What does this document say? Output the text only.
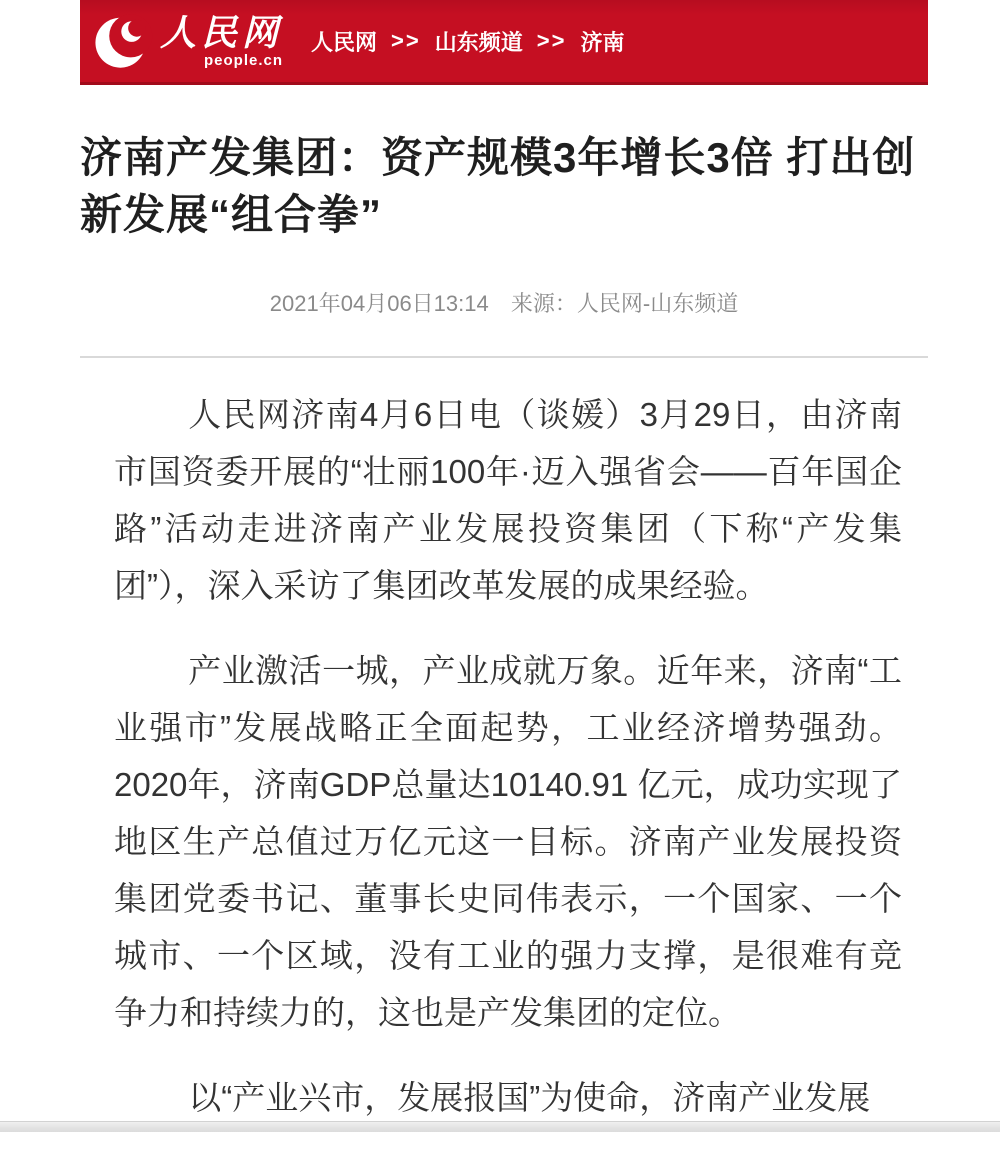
人民网
people.cn
人民网 >> 山东频道 >> 济南
济南产发集团：资产规模3年增长3倍 打出创新发展“组合拳”
2021年04月06日13:14 来源：人民网-山东频道

人民网济南4月6日电（谈媛）3月29日，由济南市国资委开展的“壮丽100年·迈入强省会——百年国企路”活动走进济南产业发展投资集团（下称“产发集团”），深入采访了集团改革发展的成果经验。

产业激活一城，产业成就万象。近年来，济南“工业强市”发展战略正全面起势，工业经济增势强劲。2020年，济南GDP总量达10140.91 亿元，成功实现了地区生产总值过万亿元这一目标。济南产业发展投资集团党委书记、董事长史同伟表示，一个国家、一个城市、一个区域，没有工业的强力支撑，是很难有竞争力和持续力的，这也是产发集团的定位。

以“产业兴市，发展报国”为使命，济南产业发展
